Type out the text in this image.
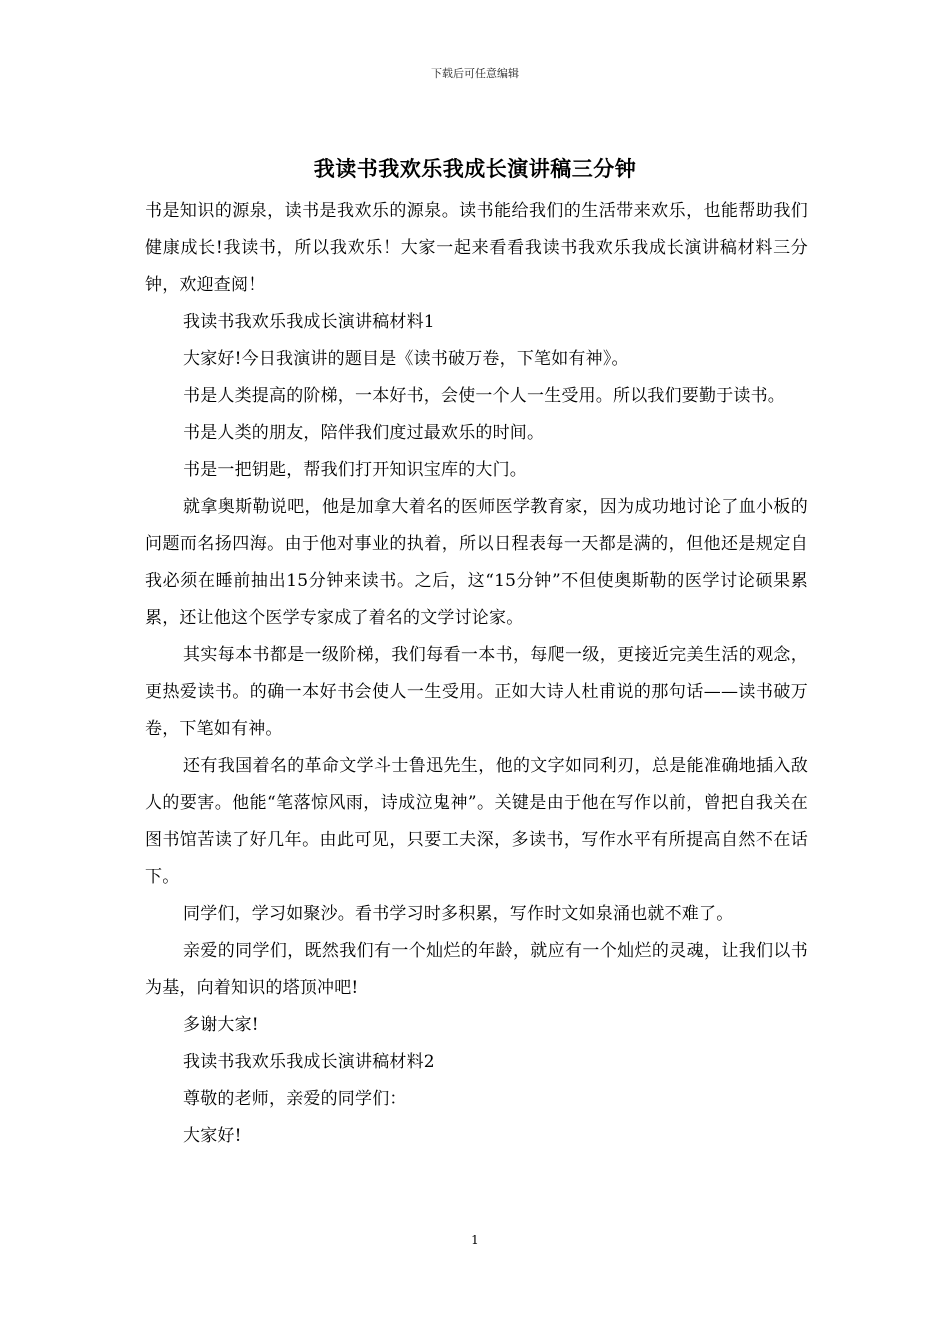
下载后可任意编辑
我读书我欢乐我成长演讲稿三分钟

书是知识的源泉，读书是我欢乐的源泉。读书能给我们的生活带来欢乐，也能帮助我们健康成长!我读书，所以我欢乐！大家一起来看看我读书我欢乐我成长演讲稿材料三分钟，欢迎查阅！

我读书我欢乐我成长演讲稿材料1

大家好!今日我演讲的题目是《读书破万卷，下笔如有神》。

书是人类提高的阶梯，一本好书，会使一个人一生受用。所以我们要勤于读书。

书是人类的朋友，陪伴我们度过最欢乐的时间。

书是一把钥匙，帮我们打开知识宝库的大门。

就拿奥斯勒说吧，他是加拿大着名的医师医学教育家，因为成功地讨论了血小板的问题而名扬四海。由于他对事业的执着，所以日程表每一天都是满的，但他还是规定自我必须在睡前抽出15分钟来读书。之后，这“15分钟”不但使奥斯勒的医学讨论硕果累累，还让他这个医学专家成了着名的文学讨论家。

其实每本书都是一级阶梯，我们每看一本书，每爬一级，更接近完美生活的观念，更热爱读书。的确一本好书会使人一生受用。正如大诗人杜甫说的那句话——读书破万卷，下笔如有神。

还有我国着名的革命文学斗士鲁迅先生，他的文字如同利刃，总是能准确地插入敌人的要害。他能“笔落惊风雨，诗成泣鬼神”。关键是由于他在写作以前，曾把自我关在图书馆苦读了好几年。由此可见，只要工夫深，多读书，写作水平有所提高自然不在话下。

同学们，学习如聚沙。看书学习时多积累，写作时文如泉涌也就不难了。

亲爱的同学们，既然我们有一个灿烂的年龄，就应有一个灿烂的灵魂，让我们以书为基，向着知识的塔顶冲吧!

多谢大家!

我读书我欢乐我成长演讲稿材料2

尊敬的老师，亲爱的同学们：

大家好!

1
